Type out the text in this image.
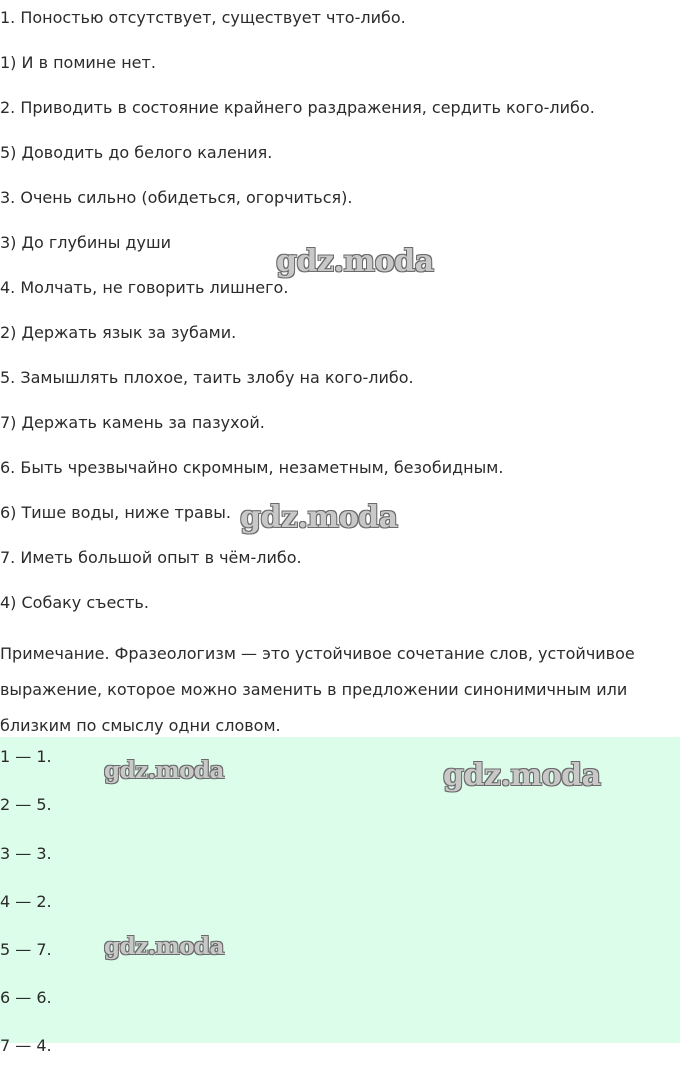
1. Поностью отсутствует, существует что-либо.
1) И в помине нет.
2. Приводить в состояние крайнего раздражения, сердить кого-либо.
5) Доводить до белого каления.
3. Очень сильно (обидеться, огорчиться).
3) До глубины души
4. Молчать, не говорить лишнего.
2) Держать язык за зубами.
5. Замышлять плохое, таить злобу на кого-либо.
7) Держать камень за пазухой.
6. Быть чрезвычайно скромным, незаметным, безобидным.
6) Тише воды, ниже травы.
7. Иметь большой опыт в чём-либо.
4) Собаку съесть.
Примечание. Фразеологизм — это устойчивое сочетание слов, устойчивое выражение, которое можно заменить в предложении синонимичным или близким по смыслу одни словом.
1 — 1.
2 — 5.
3 — 3.
4 — 2.
5 — 7.
6 — 6.
7 — 4.
gdz.moda
gdz.moda
gdz.moda	gdz.moda
gdz.moda
